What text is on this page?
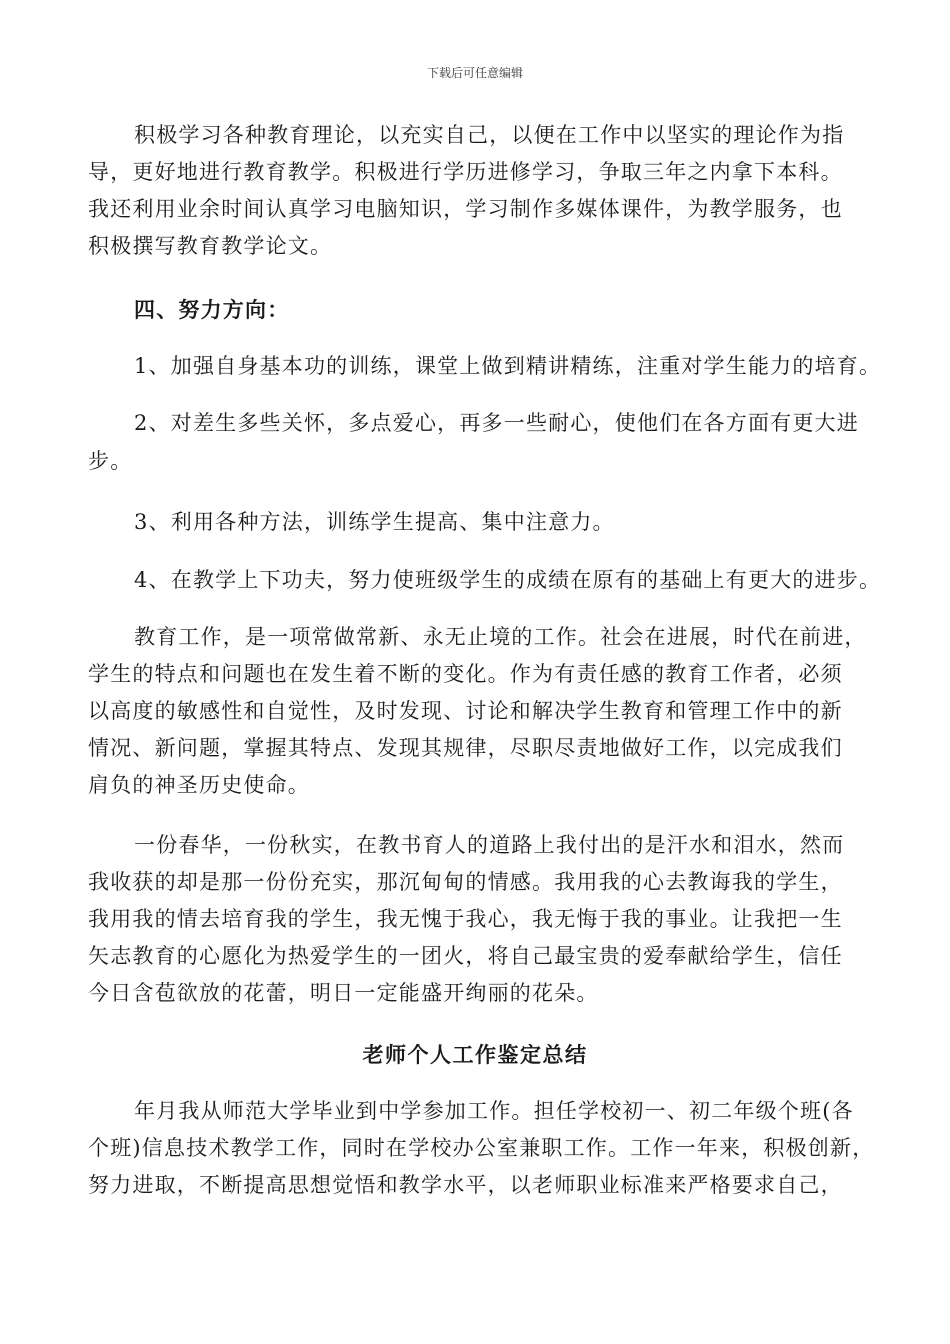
下载后可任意编辑
积极学习各种教育理论，以充实自己，以便在工作中以坚实的理论作为指
导，更好地进行教育教学。积极进行学历进修学习，争取三年之内拿下本科。
我还利用业余时间认真学习电脑知识，学习制作多媒体课件，为教学服务，也
积极撰写教育教学论文。
四、努力方向：
1、加强自身基本功的训练，课堂上做到精讲精练，注重对学生能力的培育。
2、对差生多些关怀，多点爱心，再多一些耐心，使他们在各方面有更大进
步。
3、利用各种方法，训练学生提高、集中注意力。
4、在教学上下功夫，努力使班级学生的成绩在原有的基础上有更大的进步。
教育工作，是一项常做常新、永无止境的工作。社会在进展，时代在前进，
学生的特点和问题也在发生着不断的变化。作为有责任感的教育工作者，必须
以高度的敏感性和自觉性，及时发现、讨论和解决学生教育和管理工作中的新
情况、新问题，掌握其特点、发现其规律，尽职尽责地做好工作，以完成我们
肩负的神圣历史使命。
一份春华，一份秋实，在教书育人的道路上我付出的是汗水和泪水，然而
我收获的却是那一份份充实，那沉甸甸的情感。我用我的心去教诲我的学生，
我用我的情去培育我的学生，我无愧于我心，我无悔于我的事业。让我把一生
矢志教育的心愿化为热爱学生的一团火，将自己最宝贵的爱奉献给学生，信任
今日含苞欲放的花蕾，明日一定能盛开绚丽的花朵。
老师个人工作鉴定总结
年月我从师范大学毕业到中学参加工作。担任学校初一、初二年级个班(各
个班)信息技术教学工作，同时在学校办公室兼职工作。工作一年来，积极创新，
努力进取，不断提高思想觉悟和教学水平，以老师职业标准来严格要求自己，
